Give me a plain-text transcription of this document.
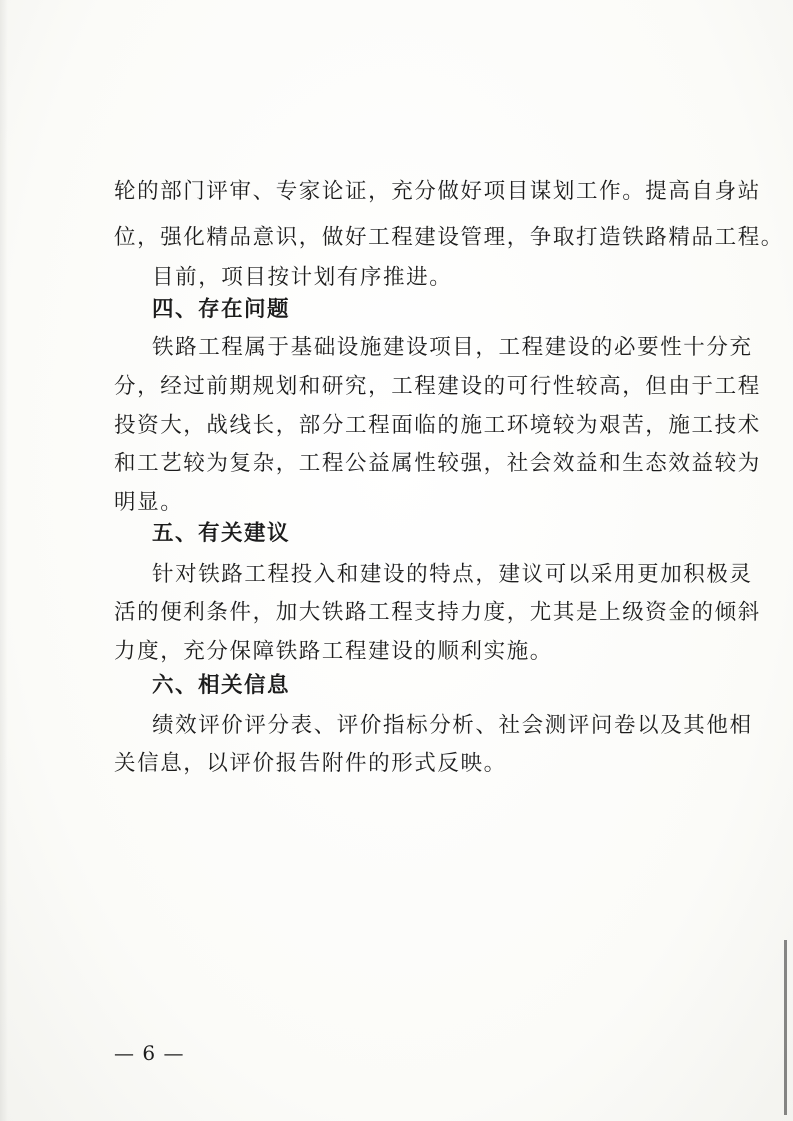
轮的部门评审、专家论证，充分做好项目谋划工作。提高自身站
位，强化精品意识，做好工程建设管理，争取打造铁路精品工程。
目前，项目按计划有序推进。
四、存在问题
铁路工程属于基础设施建设项目，工程建设的必要性十分充
分，经过前期规划和研究，工程建设的可行性较高，但由于工程
投资大，战线长，部分工程面临的施工环境较为艰苦，施工技术
和工艺较为复杂，工程公益属性较强，社会效益和生态效益较为
明显。
五、有关建议
针对铁路工程投入和建设的特点，建议可以采用更加积极灵
活的便利条件，加大铁路工程支持力度，尤其是上级资金的倾斜
力度，充分保障铁路工程建设的顺利实施。
六、相关信息
绩效评价评分表、评价指标分析、社会测评问卷以及其他相
关信息，以评价报告附件的形式反映。
— 6 —
